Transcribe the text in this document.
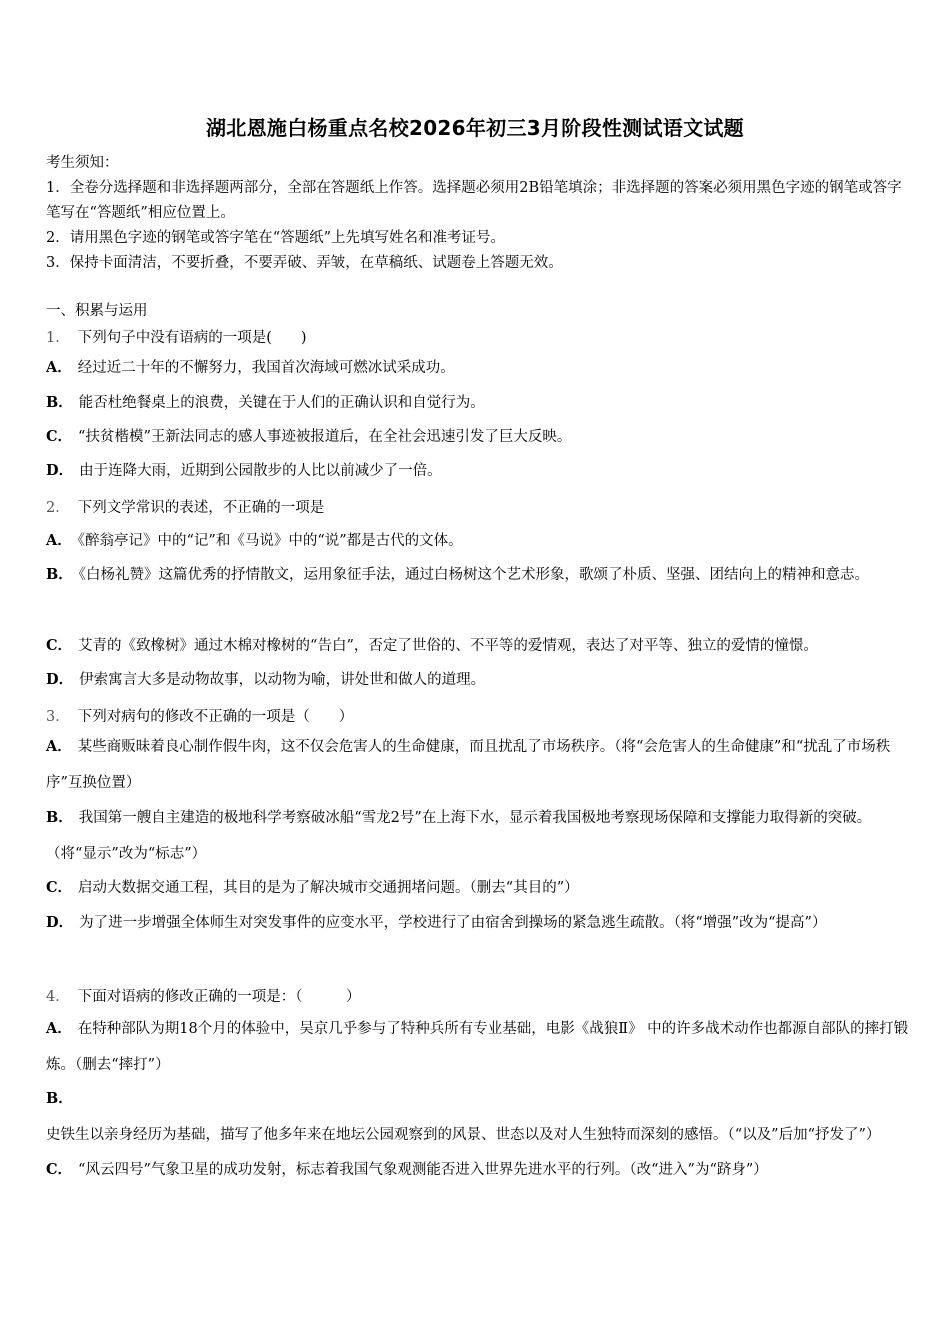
湖北恩施白杨重点名校2026年初三3月阶段性测试语文试题
考生须知：
1．全卷分选择题和非选择题两部分，全部在答题纸上作答。选择题必须用2B铅笔填涂；非选择题的答案必须用黑色字迹的钢笔或答字笔写在“答题纸”相应位置上。
2．请用黑色字迹的钢笔或答字笔在“答题纸”上先填写姓名和准考证号。
3．保持卡面清洁，不要折叠，不要弄破、弄皱，在草稿纸、试题卷上答题无效。
一、积累与运用
1． 下列句子中没有语病的一项是(　　)
A． 经过近二十年的不懈努力，我国首次海域可燃冰试采成功。
B． 能否杜绝餐桌上的浪费，关键在于人们的正确认识和自觉行为。
C． “扶贫楷模”王新法同志的感人事迹被报道后，在全社会迅速引发了巨大反映。
D． 由于连降大雨，近期到公园散步的人比以前减少了一倍。
2． 下列文学常识的表述，不正确的一项是
A． 《醉翁亭记》中的“记”和《马说》中的“说”都是古代的文体。
B． 《白杨礼赞》这篇优秀的抒情散文，运用象征手法，通过白杨树这个艺术形象，歌颂了朴质、坚强、团结向上的精神和意志。
C． 艾青的《致橡树》通过木棉对橡树的“告白”，否定了世俗的、不平等的爱情观，表达了对平等、独立的爱情的憧憬。
D． 伊索寓言大多是动物故事，以动物为喻，讲处世和做人的道理。
3． 下列对病句的修改不正确的一项是（　　）
A． 某些商贩昧着良心制作假牛肉，这不仅会危害人的生命健康，而且扰乱了市场秩序。（将“会危害人的生命健康”和“扰乱了市场秩序”互换位置）
B． 我国第一艘自主建造的极地科学考察破冰船“雪龙2号”在上海下水，显示着我国极地考察现场保障和支撑能力取得新的突破。（将“显示”改为“标志”）
C． 启动大数据交通工程，其目的是为了解决城市交通拥堵问题。（删去“其目的”）
D． 为了进一步增强全体师生对突发事件的应变水平，学校进行了由宿舍到操场的紧急逃生疏散。（将“增强”改为“提高”）
4． 下面对语病的修改正确的一项是：（　　　）
A． 在特种部队为期18个月的体验中，吴京几乎参与了特种兵所有专业基础，电影《战狼Ⅱ》 中的许多战术动作也都源自部队的摔打锻炼。（删去“摔打”）
B．史铁生以亲身经历为基础，描写了他多年来在地坛公园观察到的风景、世态以及对人生独特而深刻的感悟。（“以及”后加“抒发了”）
C． “风云四号”气象卫星的成功发射，标志着我国气象观测能否进入世界先进水平的行列。（改“进入”为“跻身”）
